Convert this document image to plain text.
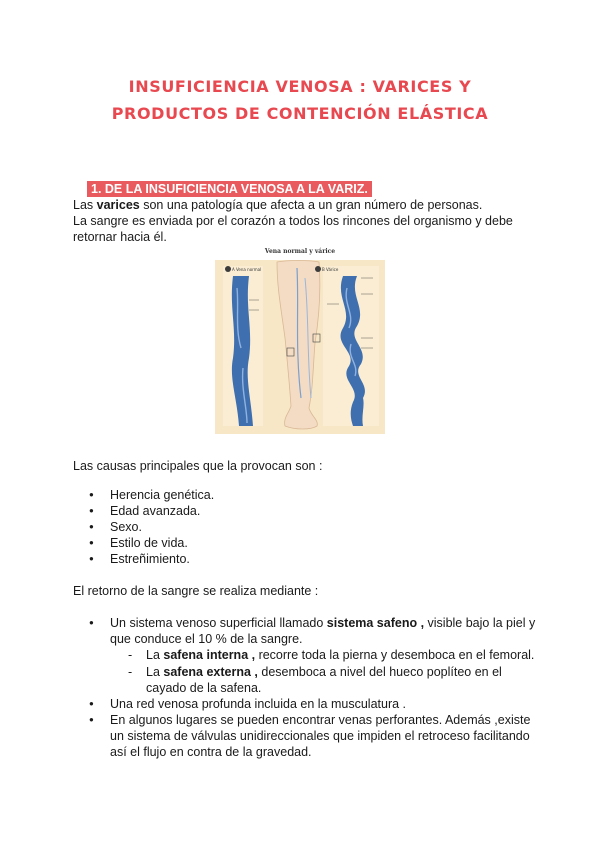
INSUFICIENCIA VENOSA : VARICES Y
PRODUCTOS DE CONTENCIÓN ELÁSTICA
1. DE LA INSUFICIENCIA VENOSA A LA VARIZ.
Las varices son una patología que afecta a un gran número de personas.
La sangre es enviada por el corazón a todos los rincones del organismo y debe
retornar hacia él.
Vena normal y várice
A Vena normal	B Várice
Las causas principales que la provocan son :
● Herencia genética.
● Edad avanzada.
● Sexo.
● Estilo de vida.
● Estreñimiento.
El retorno de la sangre se realiza mediante :
● Un sistema venoso superficial llamado sistema safeno , visible bajo la piel y
que conduce el 10 % de la sangre.
- La safena interna , recorre toda la pierna y desemboca en el femoral.
- La safena externa , desemboca a nivel del hueco poplíteo en el
cayado de la safena.
● Una red venosa profunda incluida en la musculatura .
● En algunos lugares se pueden encontrar venas perforantes. Además ,existe
un sistema de válvulas unidireccionales que impiden el retroceso facilitando
así el flujo en contra de la gravedad.
